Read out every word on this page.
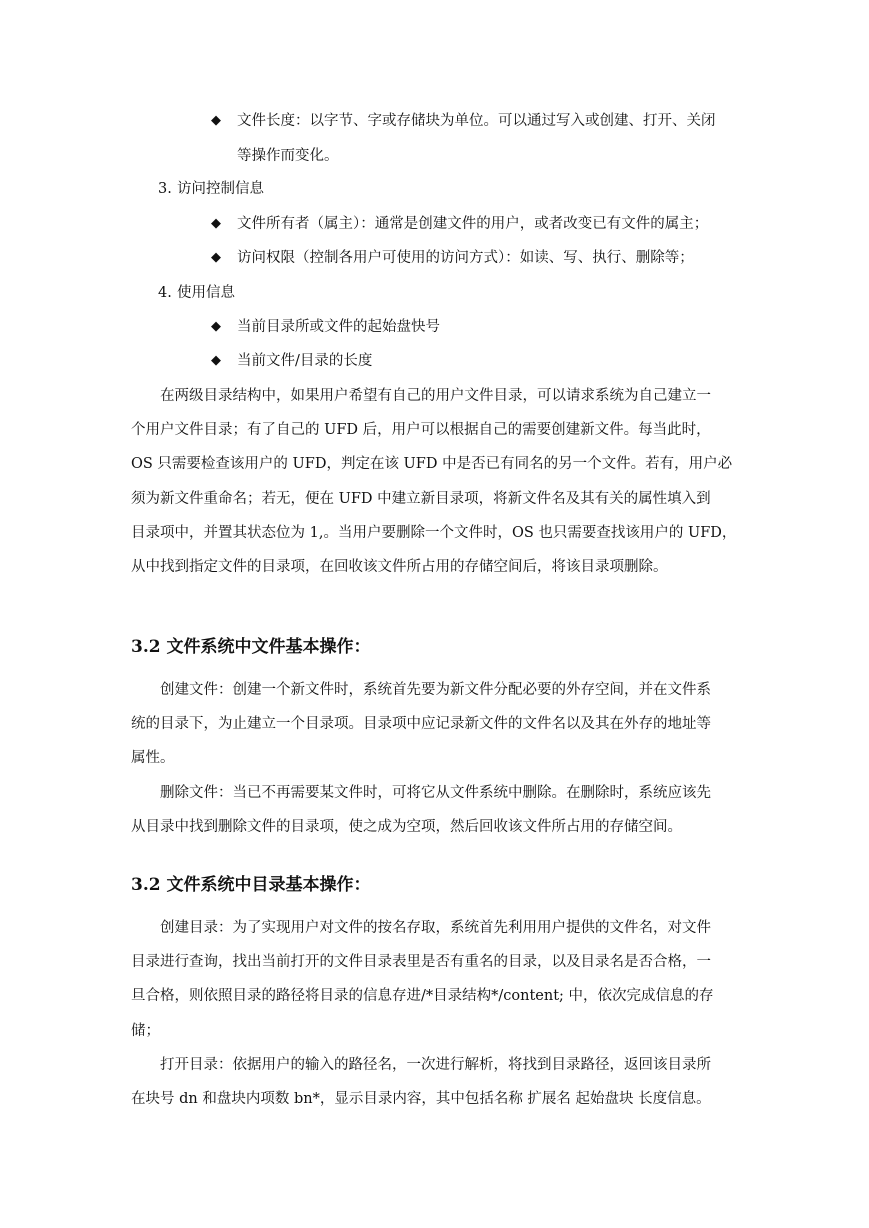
◆ 文件长度：以字节、字或存储块为单位。可以通过写入或创建、打开、关闭
等操作而变化。
3. 访问控制信息
◆ 文件所有者（属主）：通常是创建文件的用户，或者改变已有文件的属主；
◆ 访问权限（控制各用户可使用的访问方式）：如读、写、执行、删除等；
4. 使用信息
◆ 当前目录所或文件的起始盘快号
◆ 当前文件/目录的长度
在两级目录结构中，如果用户希望有自己的用户文件目录，可以请求系统为自己建立一
个用户文件目录；有了自己的 UFD 后，用户可以根据自己的需要创建新文件。每当此时，
OS 只需要检查该用户的 UFD，判定在该 UFD 中是否已有同名的另一个文件。若有，用户必
须为新文件重命名；若无，便在 UFD 中建立新目录项，将新文件名及其有关的属性填入到
目录项中，并置其状态位为 1,。当用户要删除一个文件时，OS 也只需要查找该用户的 UFD，
从中找到指定文件的目录项，在回收该文件所占用的存储空间后，将该目录项删除。
3.2 文件系统中文件基本操作：
创建文件：创建一个新文件时，系统首先要为新文件分配必要的外存空间，并在文件系
统的目录下，为止建立一个目录项。目录项中应记录新文件的文件名以及其在外存的地址等
属性。
删除文件：当已不再需要某文件时，可将它从文件系统中删除。在删除时，系统应该先
从目录中找到删除文件的目录项，使之成为空项，然后回收该文件所占用的存储空间。
3.2 文件系统中目录基本操作：
创建目录：为了实现用户对文件的按名存取，系统首先利用用户提供的文件名，对文件
目录进行查询，找出当前打开的文件目录表里是否有重名的目录，以及目录名是否合格，一
旦合格，则依照目录的路径将目录的信息存进/*目录结构*/content; 中，依次完成信息的存
储；
打开目录：依据用户的输入的路径名，一次进行解析，将找到目录路径，返回该目录所
在块号 dn 和盘块内项数 bn*，显示目录内容，其中包括名称 扩展名 起始盘块 长度信息。
